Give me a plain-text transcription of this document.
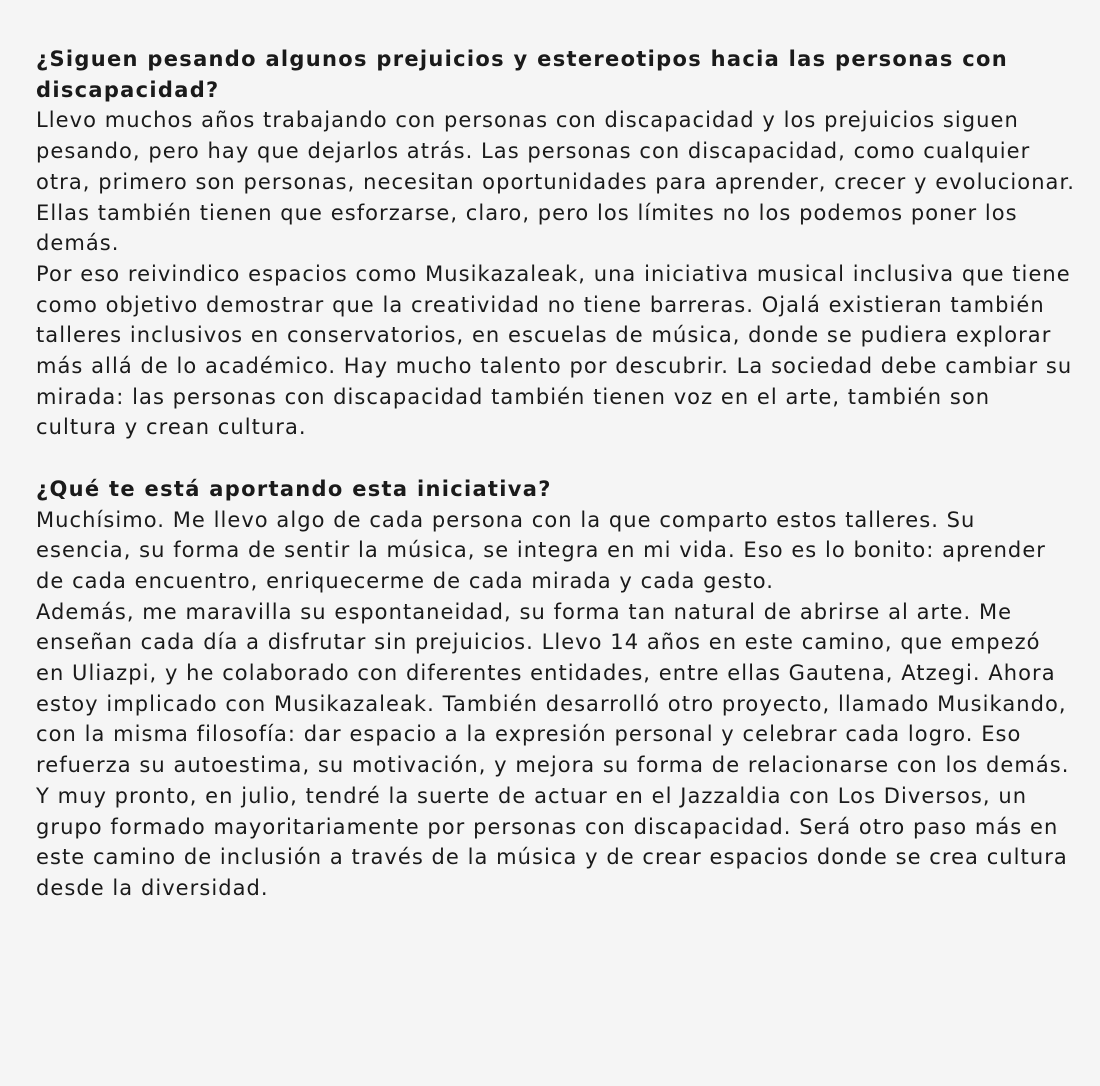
¿Siguen pesando algunos prejuicios y estereotipos hacia las personas con discapacidad?

Llevo muchos años trabajando con personas con discapacidad y los prejuicios siguen pesando, pero hay que dejarlos atrás. Las personas con discapacidad, como cualquier otra, primero son personas, necesitan oportunidades para aprender, crecer y evolucionar. Ellas también tienen que esforzarse, claro, pero los límites no los podemos poner los demás.

Por eso reivindico espacios como Musikazaleak, una iniciativa musical inclusiva que tiene como objetivo demostrar que la creatividad no tiene barreras. Ojalá existieran también talleres inclusivos en conservatorios, en escuelas de música, donde se pudiera explorar más allá de lo académico. Hay mucho talento por descubrir. La sociedad debe cambiar su mirada: las personas con discapacidad también tienen voz en el arte, también son cultura y crean cultura.

¿Qué te está aportando esta iniciativa?

Muchísimo. Me llevo algo de cada persona con la que comparto estos talleres. Su esencia, su forma de sentir la música, se integra en mi vida. Eso es lo bonito: aprender de cada encuentro, enriquecerme de cada mirada y cada gesto.

Además, me maravilla su espontaneidad, su forma tan natural de abrirse al arte. Me enseñan cada día a disfrutar sin prejuicios. Llevo 14 años en este camino, que empezó en Uliazpi, y he colaborado con diferentes entidades, entre ellas Gautena, Atzegi. Ahora estoy implicado con Musikazaleak. También desarrolló otro proyecto, llamado Musikando, con la misma filosofía: dar espacio a la expresión personal y celebrar cada logro. Eso refuerza su autoestima, su motivación, y mejora su forma de relacionarse con los demás.

Y muy pronto, en julio, tendré la suerte de actuar en el Jazzaldia con Los Diversos, un grupo formado mayoritariamente por personas con discapacidad. Será otro paso más en este camino de inclusión a través de la música y de crear espacios donde se crea cultura desde la diversidad.
